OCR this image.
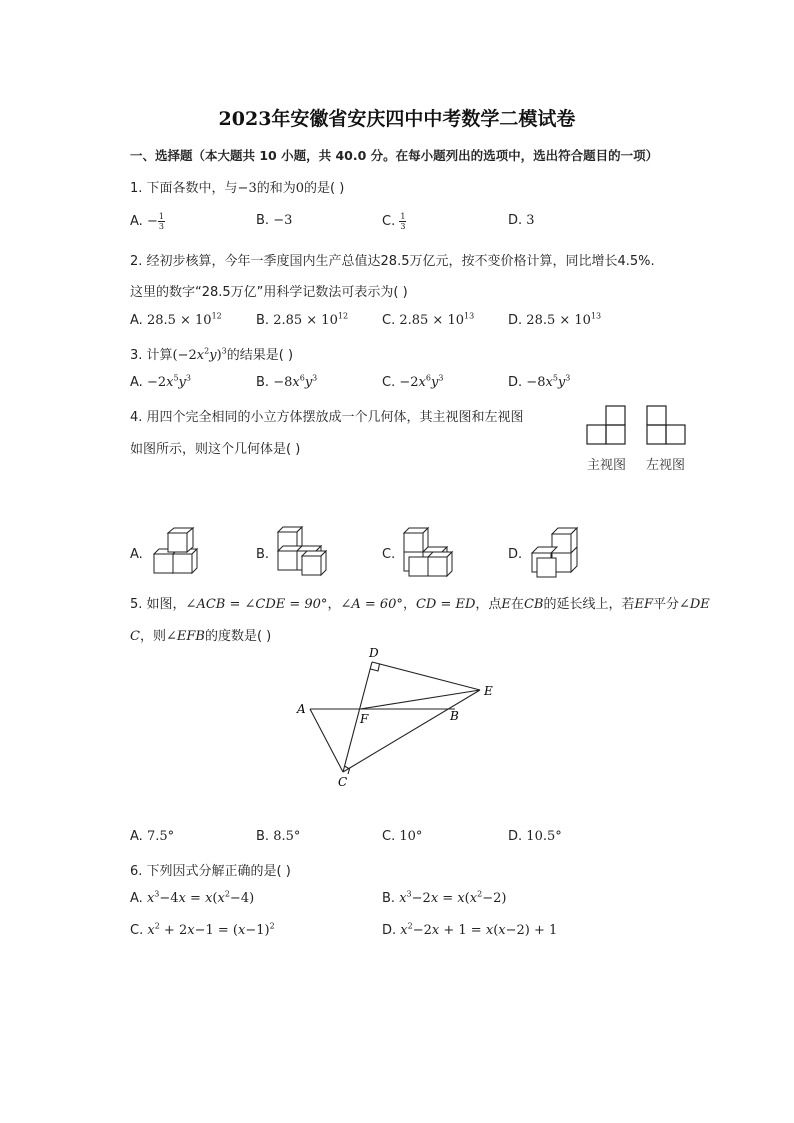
2023年安徽省安庆四中中考数学二模试卷
一、选择题（本大题共 10 小题，共 40.0 分。在每小题列出的选项中，选出符合题目的一项）
1. 下面各数中，与−3的和为0的是( )
A. − $\frac{1}{3}$	B. −3	C. $\frac{1}{3}$	D. 3
2. 经初步核算，今年一季度国内生产总值达28.5万亿元，按不变价格计算，同比增长4.5%.
这里的数字“28.5万亿”用科学记数法可表示为( )
A. $28.5 \times 10^{12}$	B. $2.85 \times 10^{12}$	C. $2.85 \times 10^{13}$	D. $28.5 \times 10^{13}$
3. 计算$(-2x^2y)^3$的结果是( )
A. $-2x^5y^3$	B. $-8x^6y^3$	C. $-2x^6y^3$	D. $-8x^5y^3$
4. 用四个完全相同的小立方体摆放成一个几何体，其主视图和左视图
如图所示，则这个几何体是( )
主视图 左视图
A.	B.	C.	D.
5. 如图，∠ACB = ∠CDE = 90°，∠A = 60°，CD = ED，点E在CB的延长线上，若EF平分∠DE
C，则∠EFB的度数是( )
D
E
A
F	B
C
A. 7.5°	B. 8.5°	C. 10°	D. 10.5°
6. 下列因式分解正确的是( )
A. $x^3-4x = x(x^2-4)$	B. $x^3-2x = x(x^2-2)$
C. $x^2 + 2x-1 = (x-1)^2$	D. $x^2-2x + 1 = x(x-2) + 1$
